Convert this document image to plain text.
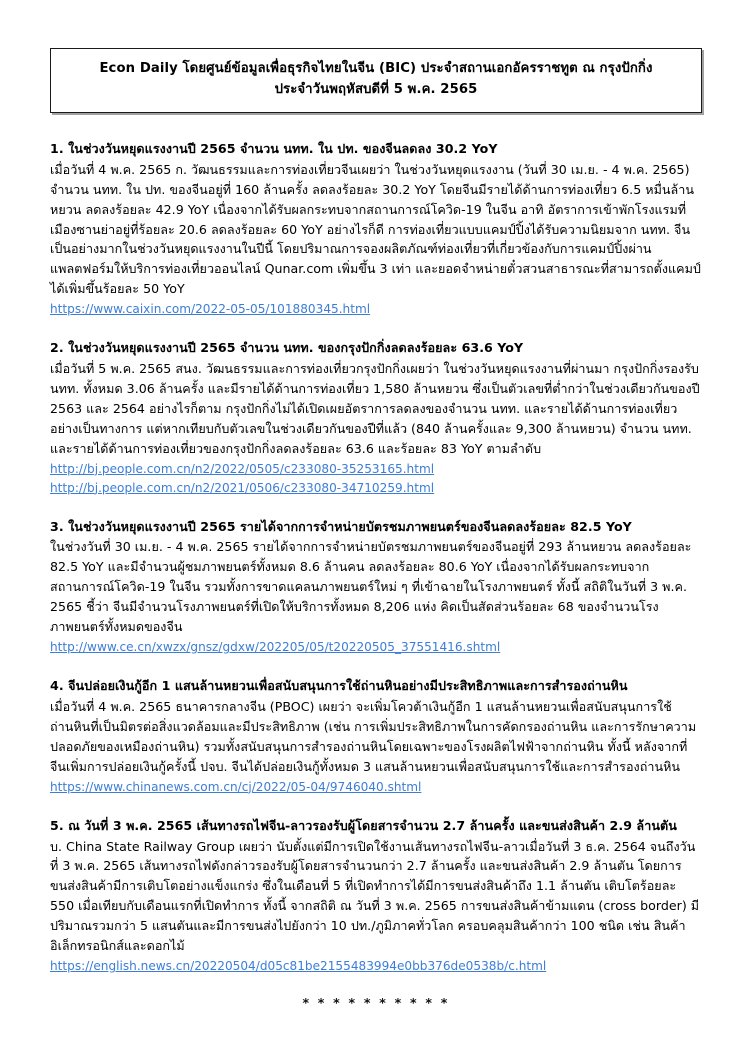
Econ Daily โดยศูนย์ข้อมูลเพื่อธุรกิจไทยในจีน (BIC) ประจำสถานเอกอัครราชทูต ณ กรุงปักกิ่ง
ประจำวันพฤหัสบดีที่ 5 พ.ค. 2565
1. ในช่วงวันหยุดแรงงานปี 2565 จำนวน นทท. ใน ปท. ของจีนลดลง 30.2 YoY
เมื่อวันที่ 4 พ.ค. 2565 ก. วัฒนธรรมและการท่องเที่ยวจีนเผยว่า ในช่วงวันหยุดแรงงาน (วันที่ 30 เม.ย. - 4 พ.ค. 2565) จำนวน นทท. ใน ปท. ของจีนอยู่ที่ 160 ล้านครั้ง ลดลงร้อยละ 30.2 YoY โดยจีนมีรายได้ด้านการท่องเที่ยว 6.5 หมื่นล้านหยวน ลดลงร้อยละ 42.9 YoY เนื่องจากได้รับผลกระทบจากสถานการณ์โควิด-19 ในจีน อาทิ อัตราการเข้าพักโรงแรมที่เมืองซานย่าอยู่ที่ร้อยละ 20.6 ลดลงร้อยละ 60 YoY อย่างไรก็ดี การท่องเที่ยวแบบแคมป์ปิ้งได้รับความนิยมจาก นทท. จีนเป็นอย่างมากในช่วงวันหยุดแรงงานในปีนี้ โดยปริมาณการจองผลิตภัณฑ์ท่องเที่ยวที่เกี่ยวข้องกับการแคมป์ปิ้งผ่านแพลตฟอร์มให้บริการท่องเที่ยวออนไลน์ Qunar.com เพิ่มขึ้น 3 เท่า และยอดจำหน่ายตั๋วสวนสาธารณะที่สามารถตั้งแคมป์ได้เพิ่มขึ้นร้อยละ 50 YoY
https://www.caixin.com/2022-05-05/101880345.html
2. ในช่วงวันหยุดแรงงานปี 2565 จำนวน นทท. ของกรุงปักกิ่งลดลงร้อยละ 63.6 YoY
เมื่อวันที่ 5 พ.ค. 2565 สนง. วัฒนธรรมและการท่องเที่ยวกรุงปักกิ่งเผยว่า ในช่วงวันหยุดแรงงานที่ผ่านมา กรุงปักกิ่งรองรับ นทท. ทั้งหมด 3.06 ล้านครั้ง และมีรายได้ด้านการท่องเที่ยว 1,580 ล้านหยวน ซึ่งเป็นตัวเลขที่ต่ำกว่าในช่วงเดียวกันของปี 2563 และ 2564 อย่างไรก็ตาม กรุงปักกิ่งไม่ได้เปิดเผยอัตราการลดลงของจำนวน นทท. และรายได้ด้านการท่องเที่ยวอย่างเป็นทางการ แต่หากเทียบกับตัวเลขในช่วงเดียวกันของปีที่แล้ว (840 ล้านครั้งและ 9,300 ล้านหยวน) จำนวน นทท. และรายได้ด้านการท่องเที่ยวของกรุงปักกิ่งลดลงร้อยละ 63.6 และร้อยละ 83 YoY ตามลำดับ
http://bj.people.com.cn/n2/2022/0505/c233080-35253165.html
http://bj.people.com.cn/n2/2021/0506/c233080-34710259.html
3. ในช่วงวันหยุดแรงงานปี 2565 รายได้จากการจำหน่ายบัตรชมภาพยนตร์ของจีนลดลงร้อยละ 82.5 YoY
ในช่วงวันที่ 30 เม.ย. - 4 พ.ค. 2565 รายได้จากการจำหน่ายบัตรชมภาพยนตร์ของจีนอยู่ที่ 293 ล้านหยวน ลดลงร้อยละ 82.5 YoY และมีจำนวนผู้ชมภาพยนตร์ทั้งหมด 8.6 ล้านคน ลดลงร้อยละ 80.6 YoY เนื่องจากได้รับผลกระทบจากสถานการณ์โควิด-19 ในจีน รวมทั้งการขาดแคลนภาพยนตร์ใหม่ ๆ ที่เข้าฉายในโรงภาพยนตร์ ทั้งนี้ สถิติในวันที่ 3 พ.ค. 2565 ชี้ว่า จีนมีจำนวนโรงภาพยนตร์ที่เปิดให้บริการทั้งหมด 8,206 แห่ง คิดเป็นสัดส่วนร้อยละ 68 ของจำนวนโรงภาพยนตร์ทั้งหมดของจีน
http://www.ce.cn/xwzx/gnsz/gdxw/202205/05/t20220505_37551416.shtml
4. จีนปล่อยเงินกู้อีก 1 แสนล้านหยวนเพื่อสนับสนุนการใช้ถ่านหินอย่างมีประสิทธิภาพและการสำรองถ่านหิน
เมื่อวันที่ 4 พ.ค. 2565 ธนาคารกลางจีน (PBOC) เผยว่า จะเพิ่มโควต้าเงินกู้อีก 1 แสนล้านหยวนเพื่อสนับสนุนการใช้ถ่านหินที่เป็นมิตรต่อสิ่งแวดล้อมและมีประสิทธิภาพ (เช่น การเพิ่มประสิทธิภาพในการคัดกรองถ่านหิน และการรักษาความปลอดภัยของเหมืองถ่านหิน) รวมทั้งสนับสนุนการสำรองถ่านหินโดยเฉพาะของโรงผลิตไฟฟ้าจากถ่านหิน ทั้งนี้ หลังจากที่จีนเพิ่มการปล่อยเงินกู้ครั้งนี้ ปจบ. จีนได้ปล่อยเงินกู้ทั้งหมด 3 แสนล้านหยวนเพื่อสนับสนุนการใช้และการสำรองถ่านหิน
https://www.chinanews.com.cn/cj/2022/05-04/9746040.shtml
5. ณ วันที่ 3 พ.ค. 2565 เส้นทางรถไฟจีน-ลาวรองรับผู้โดยสารจำนวน 2.7 ล้านครั้ง และขนส่งสินค้า 2.9 ล้านตัน
บ. China State Railway Group เผยว่า นับตั้งแต่มีการเปิดใช้งานเส้นทางรถไฟจีน-ลาวเมื่อวันที่ 3 ธ.ค. 2564 จนถึงวันที่ 3 พ.ค. 2565 เส้นทางรถไฟดังกล่าวรองรับผู้โดยสารจำนวนกว่า 2.7 ล้านครั้ง และขนส่งสินค้า 2.9 ล้านตัน โดยการขนส่งสินค้ามีการเติบโตอย่างแข็งแกร่ง ซึ่งในเดือนที่ 5 ที่เปิดทำการได้มีการขนส่งสินค้าถึง 1.1 ล้านตัน เติบโตร้อยละ 550 เมื่อเทียบกับเดือนแรกที่เปิดทำการ ทั้งนี้ จากสถิติ ณ วันที่ 3 พ.ค. 2565 การขนส่งสินค้าข้ามแดน (cross border) มีปริมาณรวมกว่า 5 แสนตันและมีการขนส่งไปยังกว่า 10 ปท./ภูมิภาคทั่วโลก ครอบคลุมสินค้ากว่า 100 ชนิด เช่น สินค้าอิเล็กทรอนิกส์และดอกไม้
https://english.news.cn/20220504/d05c81be2155483994e0bb376de0538b/c.html
* * * * * * * * * *
